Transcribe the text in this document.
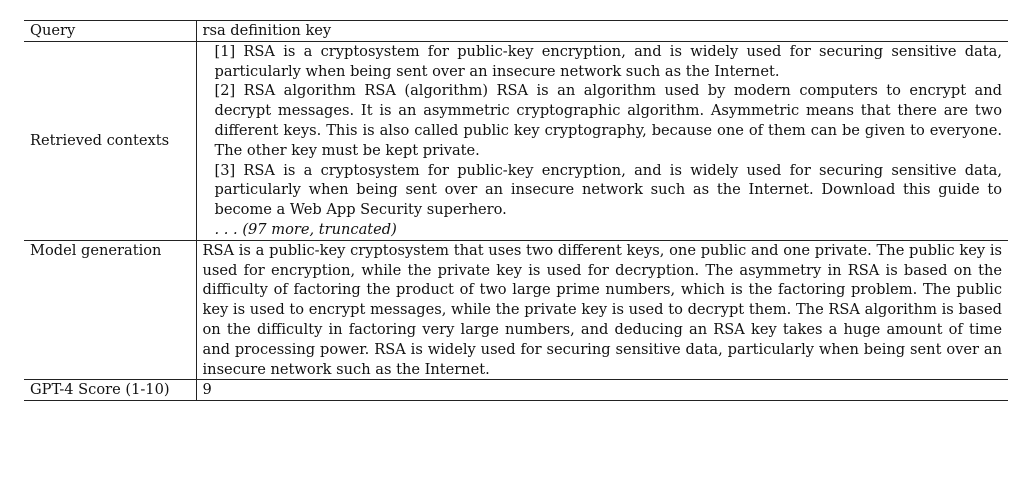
Query	rsa definition key
Retrieved contexts	[1] RSA is a cryptosystem for public-key encryption, and is widely used for securing sensitive data, particularly when being sent over an insecure network such as the Internet.

[2] RSA algorithm RSA (algorithm) RSA is an algorithm used by modern computers to encrypt and decrypt messages. It is an asymmetric cryptographic algorithm. Asymmetric means that there are two different keys. This is also called public key cryptography, because one of them can be given to everyone. The other key must be kept private.

[3] RSA is a cryptosystem for public-key encryption, and is widely used for securing sensitive data, particularly when being sent over an insecure network such as the Internet. Download this guide to become a Web App Security superhero.

. . . (97 more, truncated)

Model generation	RSA is a public-key cryptosystem that uses two different keys, one public and one private. The public key is used for encryption, while the private key is used for decryption. The asymmetry in RSA is based on the difficulty of factoring the product of two large prime numbers, which is the factoring problem. The public key is used to encrypt messages, while the private key is used to decrypt them. The RSA algorithm is based on the difficulty in factoring very large numbers, and deducing an RSA key takes a huge amount of time and processing power. RSA is widely used for securing sensitive data, particularly when being sent over an insecure network such as the Internet.
GPT-4 Score (1-10)	9
